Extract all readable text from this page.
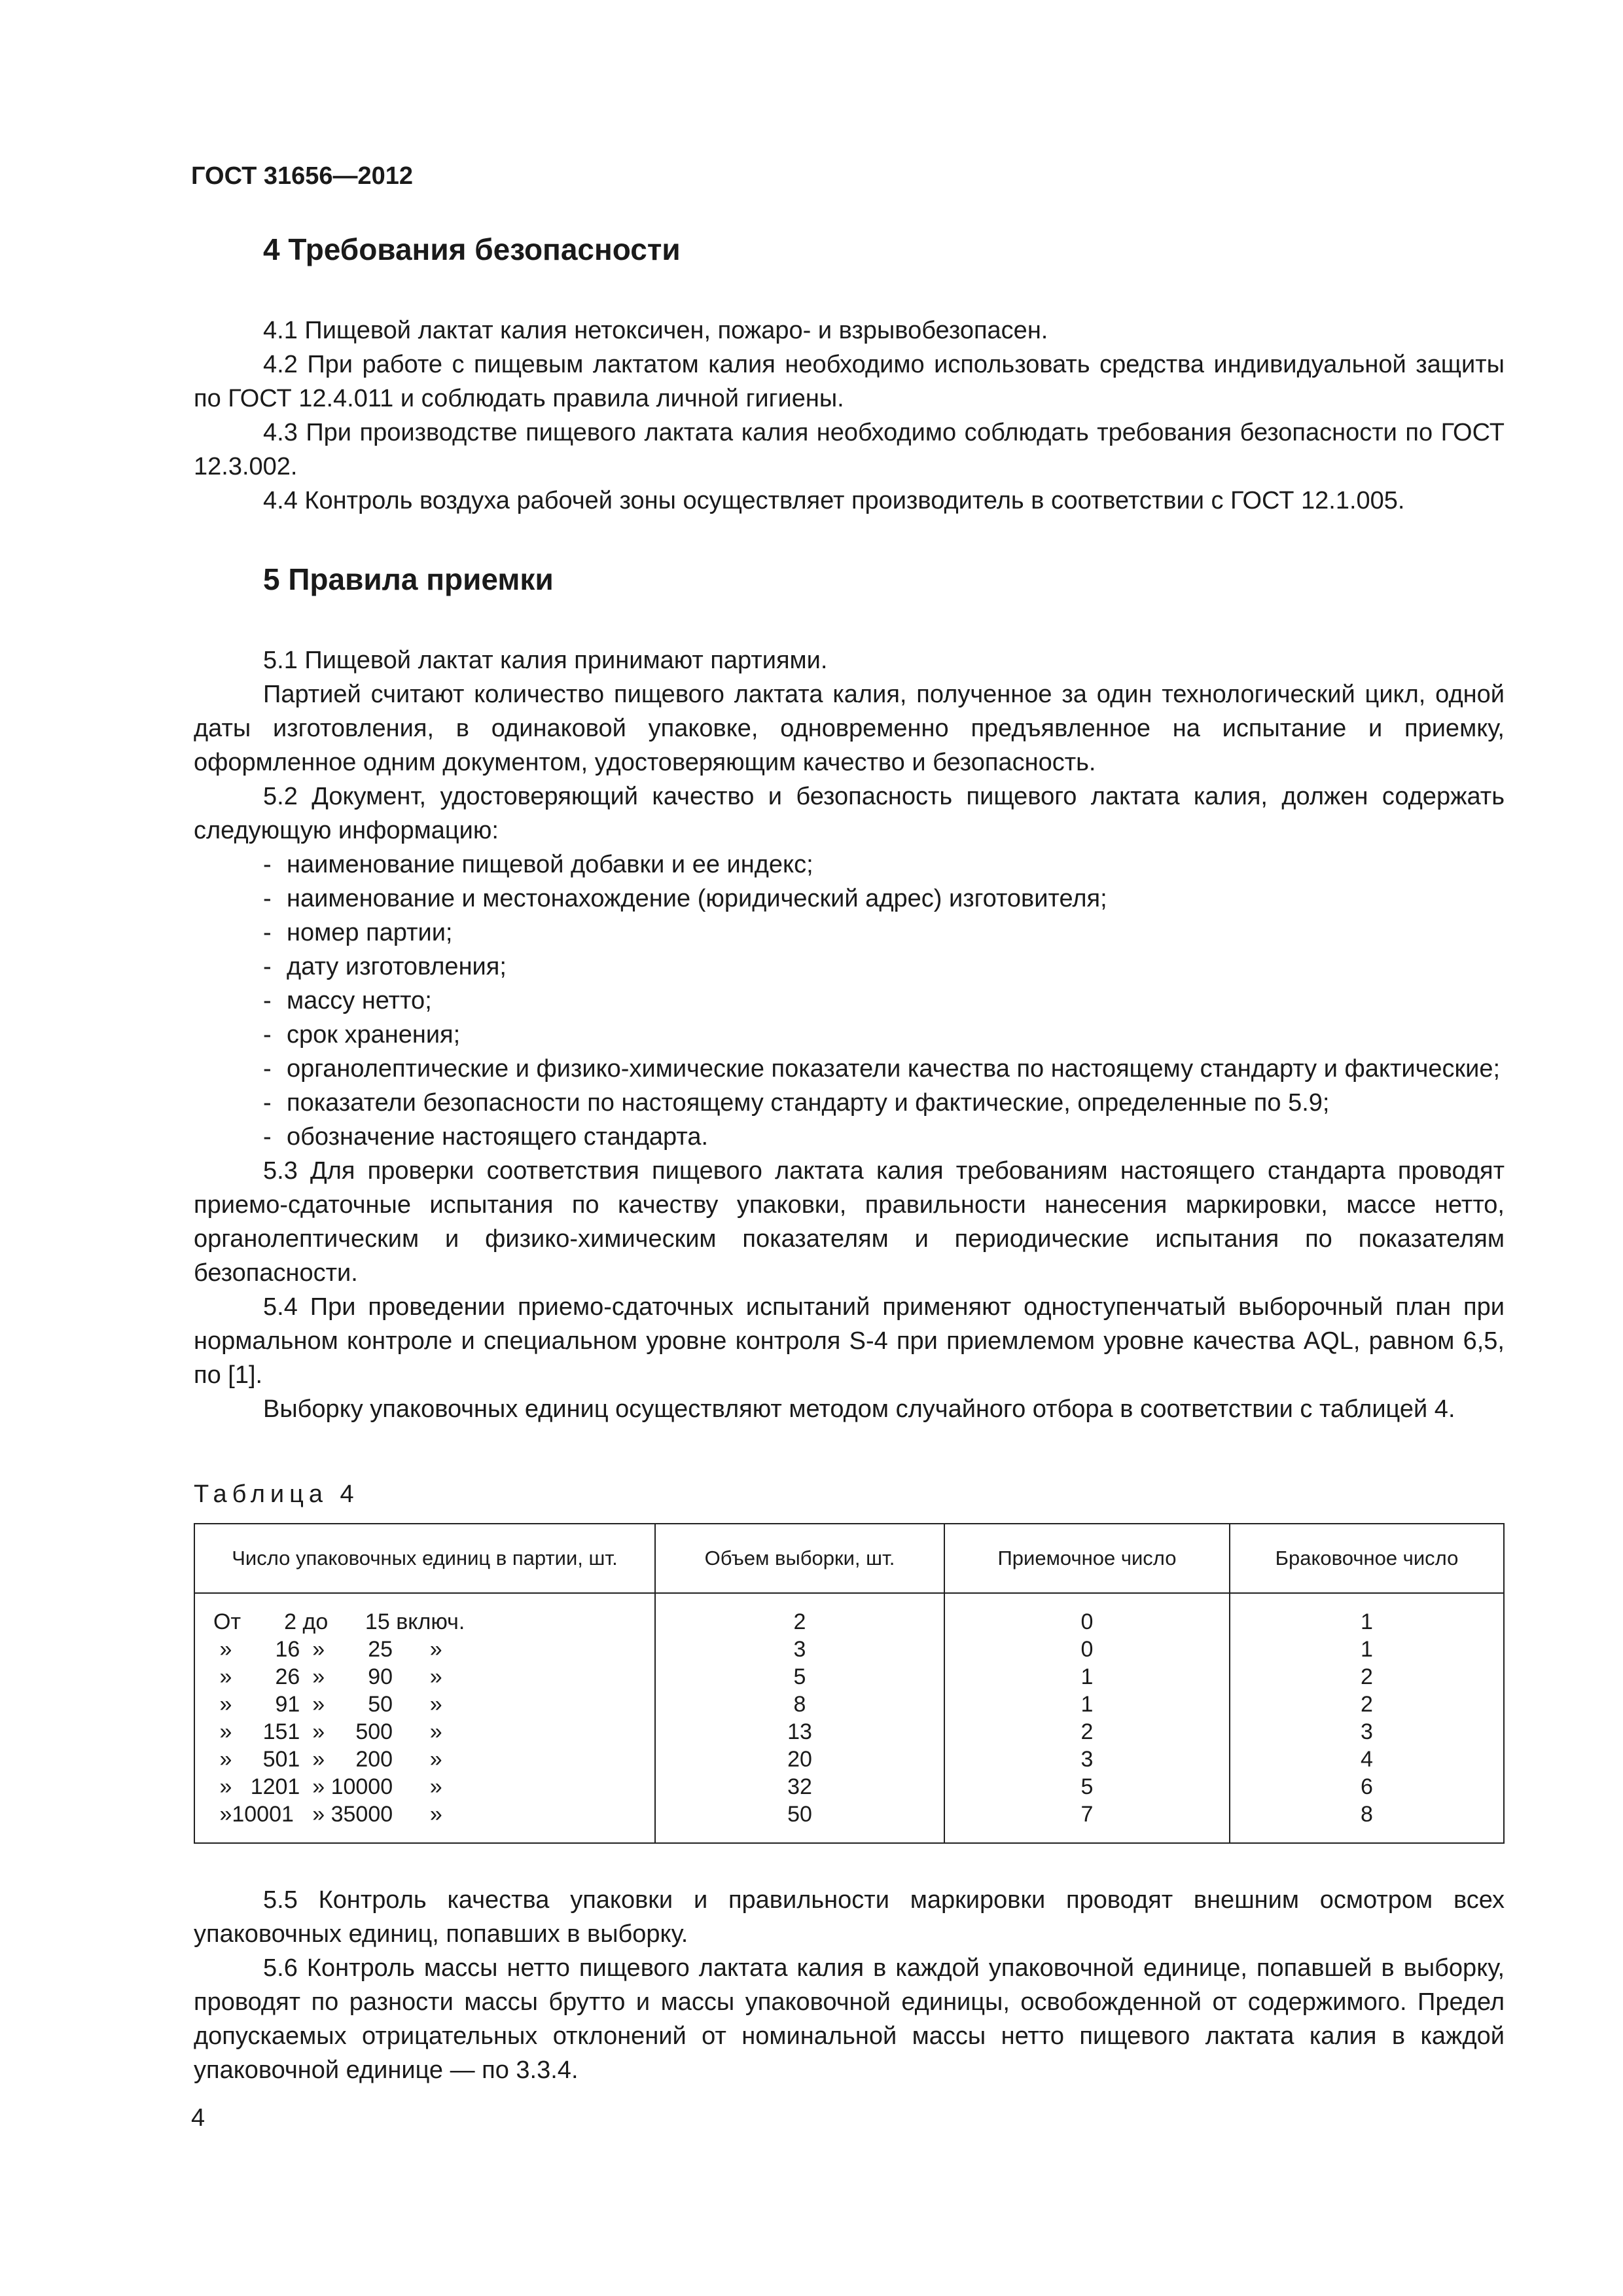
ГОСТ 31656—2012

4 Требования безопасности

4.1 Пищевой лактат калия нетоксичен, пожаро- и взрывобезопасен.

4.2 При работе с пищевым лактатом калия необходимо использовать средства индивидуальной защиты по ГОСТ 12.4.011 и соблюдать правила личной гигиены.

4.3 При производстве пищевого лактата калия необходимо соблюдать требования безопасности по ГОСТ 12.3.002.

4.4 Контроль воздуха рабочей зоны осуществляет производитель в соответствии с ГОСТ 12.1.005.

5 Правила приемки

5.1 Пищевой лактат калия принимают партиями.

Партией считают количество пищевого лактата калия, полученное за один технологический цикл, одной даты изготовления, в одинаковой упаковке, одновременно предъявленное на испытание и приемку, оформленное одним документом, удостоверяющим качество и безопасность.

5.2 Документ, удостоверяющий качество и безопасность пищевого лактата калия, должен содержать следующую информацию:

- наименование пищевой добавки и ее индекс;

- наименование и местонахождение (юридический адрес) изготовителя;

- номер партии;

- дату изготовления;

- массу нетто;

- срок хранения;

- органолептические и физико-химические показатели качества по настоящему стандарту и фактические;

- показатели безопасности по настоящему стандарту и фактические, определенные по 5.9;

- обозначение настоящего стандарта.

5.3 Для проверки соответствия пищевого лактата калия требованиям настоящего стандарта проводят приемо-сдаточные испытания по качеству упаковки, правильности нанесения маркировки, массе нетто, органолептическим и физико-химическим показателям и периодические испытания по показателям безопасности.

5.4 При проведении приемо-сдаточных испытаний применяют одноступенчатый выборочный план при нормальном контроле и специальном уровне контроля S-4 при приемлемом уровне качества AQL, равном 6,5, по [1].

Выборку упаковочных единиц осуществляют методом случайного отбора в соответствии с таблицей 4.

Таблица 4

Число упаковочных единиц в партии, шт.	Объем выборки, шт.	Приемочное число	Браковочное число
От       2 до      15 включ.	2	0	1
»       16  »       25      »	3	0	1
»       26  »       90      »	5	1	2
»       91  »       50      »	8	1	2
»     151  »     500      »	13	2	3
»     501  »     200      »	20	3	4
»   1201  » 10000      »	32	5	6
»10001   » 35000      »	50	7	8

5.5 Контроль качества упаковки и правильности маркировки проводят внешним осмотром всех упаковочных единиц, попавших в выборку.

5.6 Контроль массы нетто пищевого лактата калия в каждой упаковочной единице, попавшей в выборку, проводят по разности массы брутто и массы упаковочной единицы, освобожденной от содержимого. Предел допускаемых отрицательных отклонений от номинальной массы нетто пищевого лактата калия в каждой упаковочной единице — по 3.3.4.

4
